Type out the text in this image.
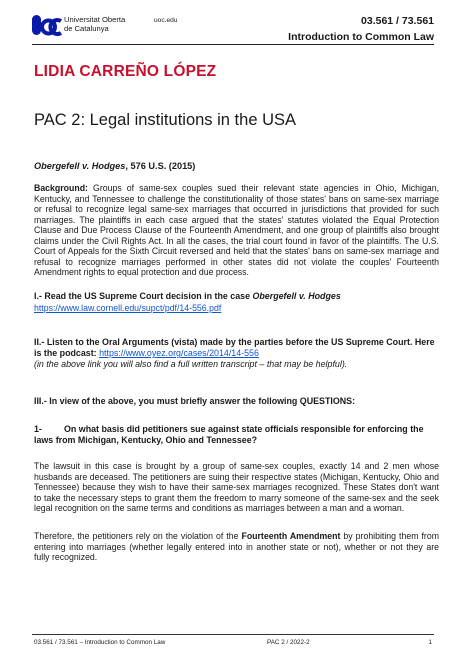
Universitat Oberta
de Catalunya
uoc.edu	03.561 / 73.561
Introduction to Common Law
LIDIA CARREÑO LÓPEZ
PAC 2: Legal institutions in the USA
Obergefell v. Hodges, 576 U.S. (2015)
Background: Groups of same-sex couples sued their relevant state agencies in Ohio, Michigan, Kentucky, and Tennessee to challenge the constitutionality of those states' bans on same-sex marriage or refusal to recognize legal same-sex marriages that occurred in jurisdictions that provided for such marriages. The plaintiffs in each case argued that the states' statutes violated the Equal Protection Clause and Due Process Clause of the Fourteenth Amendment, and one group of plaintiffs also brought claims under the Civil Rights Act. In all the cases, the trial court found in favor of the plaintiffs. The U.S. Court of Appeals for the Sixth Circuit reversed and held that the states' bans on same-sex marriage and refusal to recognize marriages performed in other states did not violate the couples' Fourteenth Amendment rights to equal protection and due process.
I.- Read the US Supreme Court decision in the case Obergefell v. Hodges
https://www.law.cornell.edu/supct/pdf/14-556.pdf
II.- Listen to the Oral Arguments (vista) made by the parties before the US Supreme Court. Here is the podcast: https://www.oyez.org/cases/2014/14-556
(in the above link you will also find a full written transcript – that may be helpful).
III.- In view of the above, you must briefly answer the following QUESTIONS:
1- On what basis did petitioners sue against state officials responsible for enforcing the laws from Michigan, Kentucky, Ohio and Tennessee?
The lawsuit in this case is brought by a group of same-sex couples, exactly 14 and 2 men whose husbands are deceased. The petitioners are suing their respective states (Michigan, Kentucky, Ohio and Tennessee) because they wish to have their same-sex marriages recognized. These States don't want to take the necessary steps to grant them the freedom to marry someone of the same-sex and the seek legal recognition on the same terms and conditions as marriages between a man and a woman.
Therefore, the petitioners rely on the violation of the Fourteenth Amendment by prohibiting them from entering into marriages (whether legally entered into in another state or not), whether or not they are fully recognized.
03.561 / 73.561 – Introduction to Common Law	PAC 2 / 2022-2	1
